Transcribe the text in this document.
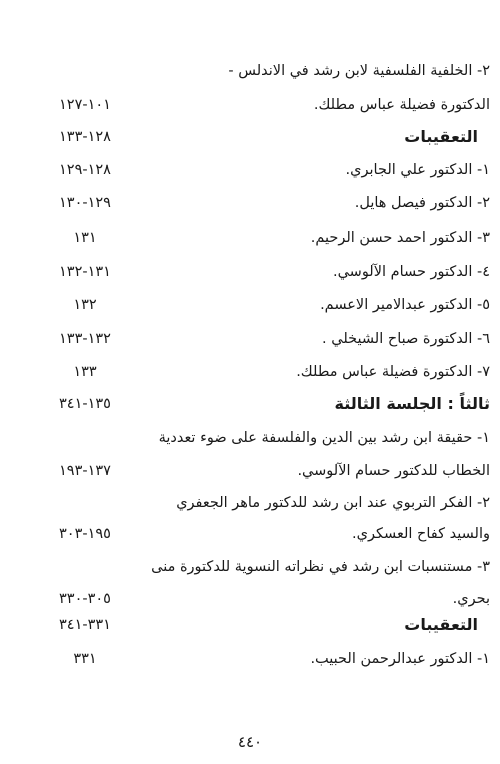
٢- الخلفية الفلسفية لابن رشد في الاندلس -
الدكتورة فضيلة عباس مطلك.
١٠١-١٢٧
التعقيبات
١٢٨-١٣٣
١- الدكتور علي الجابري.
١٢٨-١٢٩
٢- الدكتور فيصل هايل.
١٢٩-١٣٠
٣- الدكتور احمد حسن الرحيم.
١٣١
٤- الدكتور حسام الآلوسي.
١٣١-١٣٢
٥- الدكتور عبدالامير الاعسم.
١٣٢
٦- الدكتورة صباح الشيخلي .
١٣٢-١٣٣
٧- الدكتورة فضيلة عباس مطلك.
١٣٣
ثالثاً : الجلسة الثالثة
١٣٥-٣٤١
١- حقيقة ابن رشد بين الدين والفلسفة على ضوء تعددية
الخطاب للدكتور حسام الآلوسي.
١٣٧-١٩٣
٢- الفكر التربوي عند ابن رشد للدكتور ماهر الجعفري
والسيد كفاح العسكري.
١٩٥-٣٠٣
٣- مستنسبات ابن رشد في نظراته النسوية للدكتورة منى
بحري.
٣٠٥-٣٣٠
التعقيبات
٣٣١-٣٤١
١- الدكتور عبدالرحمن الحبيب.
٣٣١
٤٤٠
